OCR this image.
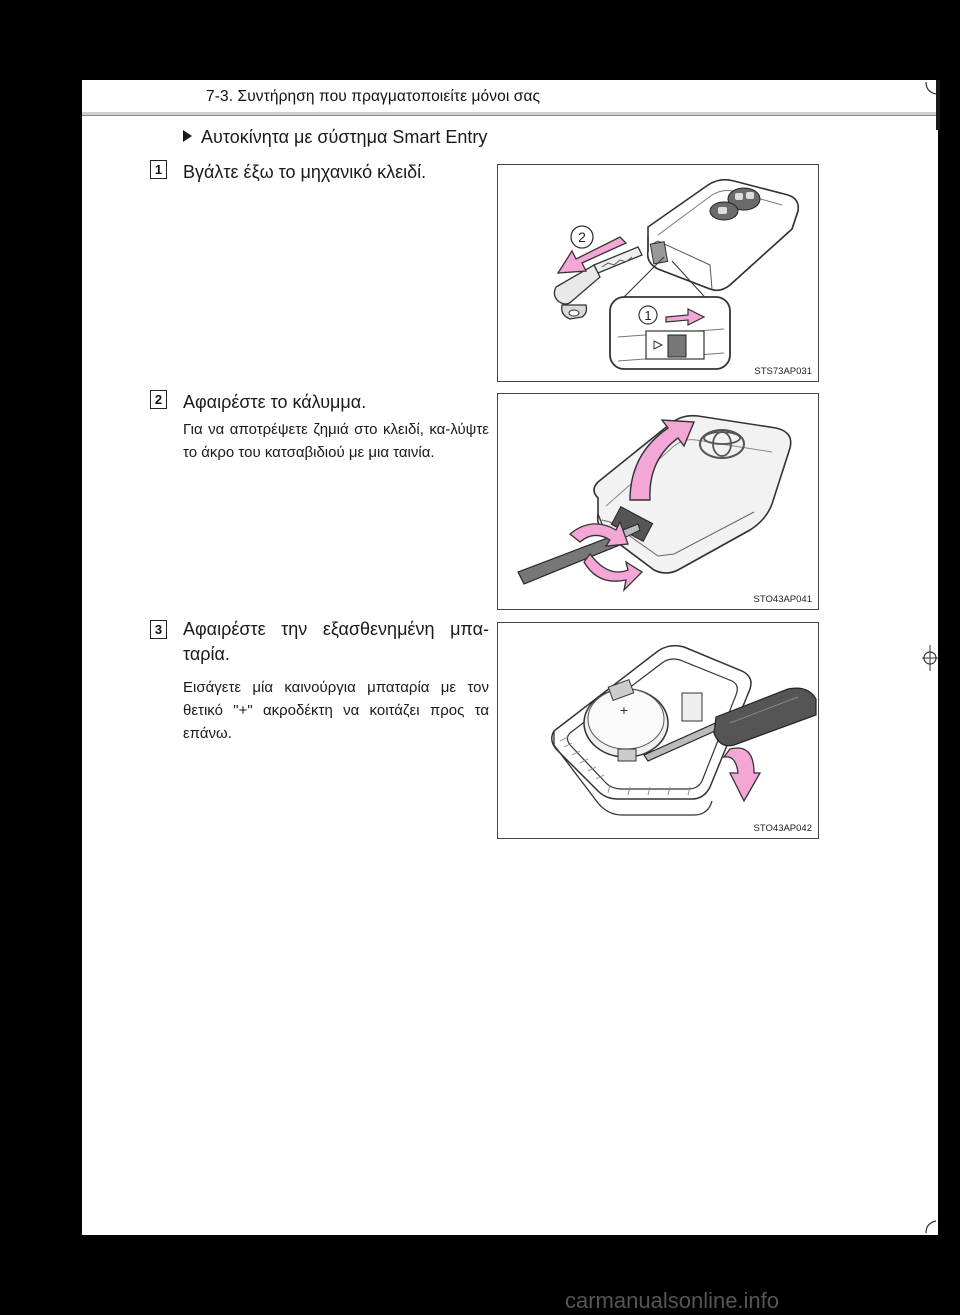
7-3. Συντήρηση που πραγματοποιείτε μόνοι σας
Αυτοκίνητα με σύστημα Smart Entry
1 Βγάλτε έξω το μηχανικό κλειδί.
2
1
STS73AP031
2 Αφαιρέστε το κάλυμμα.
Για να αποτρέψετε ζημιά στο κλειδί, κα-λύψτε το άκρο του κατσαβιδιού με μια ταινία.
STO43AP041
3 Αφαιρέστε την εξασθενημένη μπα-ταρία.
Εισάγετε μία καινούργια μπαταρία με τον θετικό "+" ακροδέκτη να κοιτάζει προς τα επάνω.
+
STO43AP042
carmanualsonline.info
